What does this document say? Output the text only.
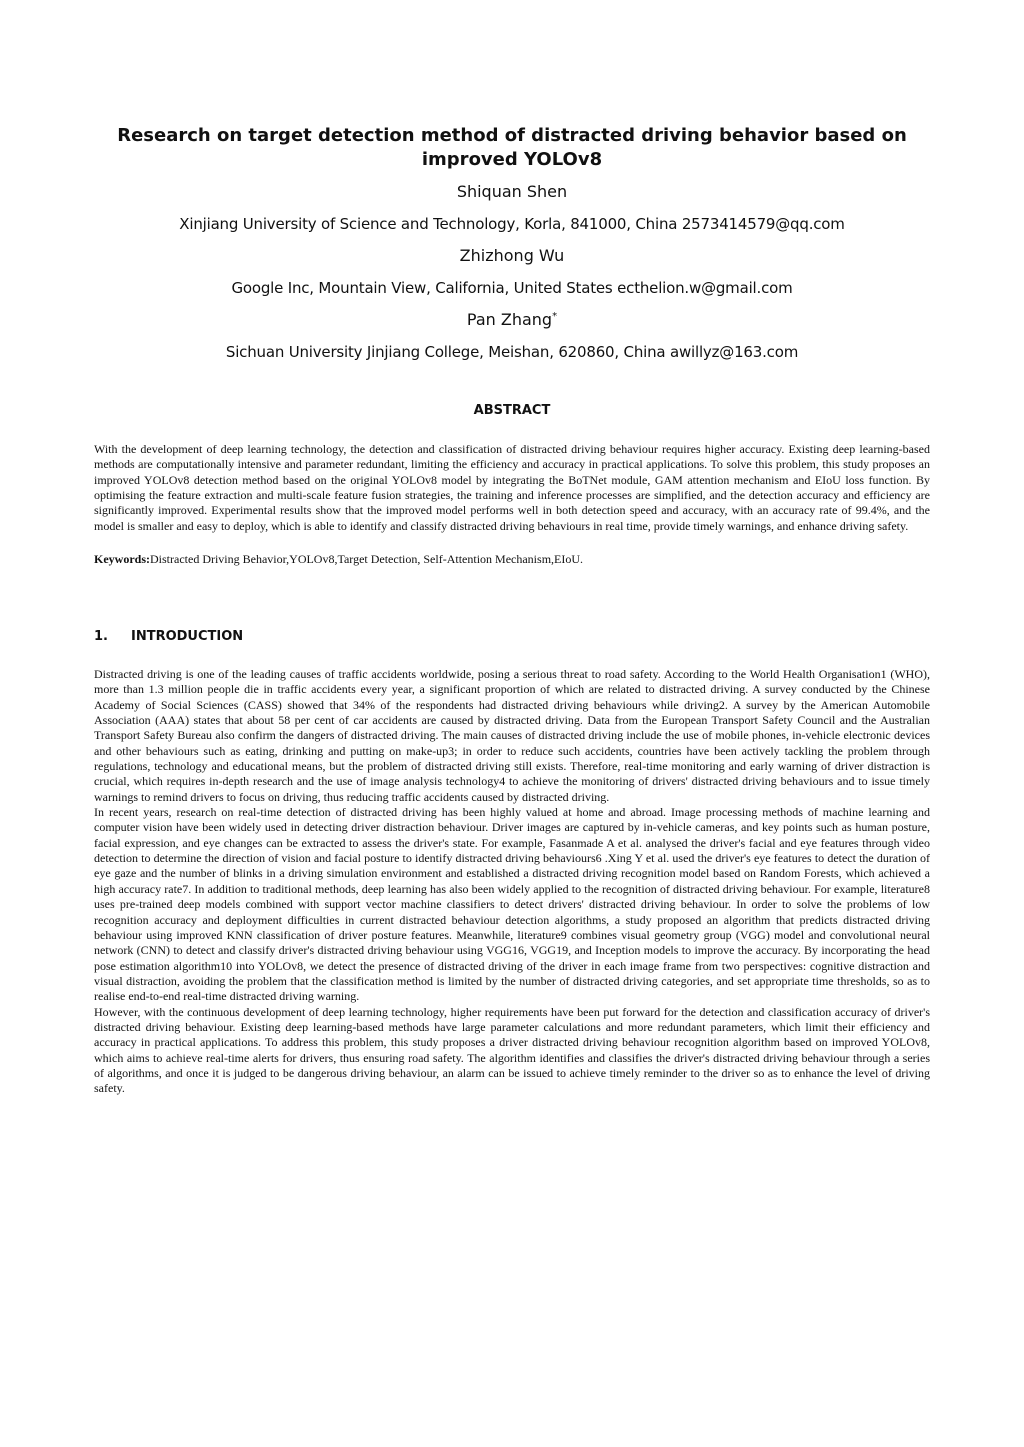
Research on target detection method of distracted driving behavior based on improved YOLOv8
Shiquan Shen
Xinjiang University of Science and Technology, Korla, 841000, China 2573414579@qq.com
Zhizhong Wu
Google Inc, Mountain View, California, United States ecthelion.w@gmail.com
Pan Zhang*
Sichuan University Jinjiang College, Meishan, 620860, China awillyz@163.com
ABSTRACT

With the development of deep learning technology, the detection and classification of distracted driving behaviour requires higher accuracy. Existing deep learning-based methods are computationally intensive and parameter redundant, limiting the efficiency and accuracy in practical applications. To solve this problem, this study proposes an improved YOLOv8 detection method based on the original YOLOv8 model by integrating the BoTNet module, GAM attention mechanism and EIoU loss function. By optimising the feature extraction and multi-scale feature fusion strategies, the training and inference processes are simplified, and the detection accuracy and efficiency are significantly improved. Experimental results show that the improved model performs well in both detection speed and accuracy, with an accuracy rate of 99.4%, and the model is smaller and easy to deploy, which is able to identify and classify distracted driving behaviours in real time, provide timely warnings, and enhance driving safety.

Keywords:Distracted Driving Behavior,YOLOv8,Target Detection, Self-Attention Mechanism,EIoU.

1. INTRODUCTION

Distracted driving is one of the leading causes of traffic accidents worldwide, posing a serious threat to road safety. According to the World Health Organisation1 (WHO), more than 1.3 million people die in traffic accidents every year, a significant proportion of which are related to distracted driving. A survey conducted by the Chinese Academy of Social Sciences (CASS) showed that 34% of the respondents had distracted driving behaviours while driving2. A survey by the American Automobile Association (AAA) states that about 58 per cent of car accidents are caused by distracted driving. Data from the European Transport Safety Council and the Australian Transport Safety Bureau also confirm the dangers of distracted driving. The main causes of distracted driving include the use of mobile phones, in-vehicle electronic devices and other behaviours such as eating, drinking and putting on make-up3; in order to reduce such accidents, countries have been actively tackling the problem through regulations, technology and educational means, but the problem of distracted driving still exists. Therefore, real-time monitoring and early warning of driver distraction is crucial, which requires in-depth research and the use of image analysis technology4 to achieve the monitoring of drivers' distracted driving behaviours and to issue timely warnings to remind drivers to focus on driving, thus reducing traffic accidents caused by distracted driving.

In recent years, research on real-time detection of distracted driving has been highly valued at home and abroad. Image processing methods of machine learning and computer vision have been widely used in detecting driver distraction behaviour. Driver images are captured by in-vehicle cameras, and key points such as human posture, facial expression, and eye changes can be extracted to assess the driver's state. For example, Fasanmade A et al. analysed the driver's facial and eye features through video detection to determine the direction of vision and facial posture to identify distracted driving behaviours6 .Xing Y et al. used the driver's eye features to detect the duration of eye gaze and the number of blinks in a driving simulation environment and established a distracted driving recognition model based on Random Forests, which achieved a high accuracy rate7. In addition to traditional methods, deep learning has also been widely applied to the recognition of distracted driving behaviour. For example, literature8 uses pre-trained deep models combined with support vector machine classifiers to detect drivers' distracted driving behaviour. In order to solve the problems of low recognition accuracy and deployment difficulties in current distracted behaviour detection algorithms, a study proposed an algorithm that predicts distracted driving behaviour using improved KNN classification of driver posture features. Meanwhile, literature9 combines visual geometry group (VGG) model and convolutional neural network (CNN) to detect and classify driver's distracted driving behaviour using VGG16, VGG19, and Inception models to improve the accuracy. By incorporating the head pose estimation algorithm10 into YOLOv8, we detect the presence of distracted driving of the driver in each image frame from two perspectives: cognitive distraction and visual distraction, avoiding the problem that the classification method is limited by the number of distracted driving categories, and set appropriate time thresholds, so as to realise end-to-end real-time distracted driving warning.

However, with the continuous development of deep learning technology, higher requirements have been put forward for the detection and classification accuracy of driver's distracted driving behaviour. Existing deep learning-based methods have large parameter calculations and more redundant parameters, which limit their efficiency and accuracy in practical applications. To address this problem, this study proposes a driver distracted driving behaviour recognition algorithm based on improved YOLOv8, which aims to achieve real-time alerts for drivers, thus ensuring road safety. The algorithm identifies and classifies the driver's distracted driving behaviour through a series of algorithms, and once it is judged to be dangerous driving behaviour, an alarm can be issued to achieve timely reminder to the driver so as to enhance the level of driving safety.
